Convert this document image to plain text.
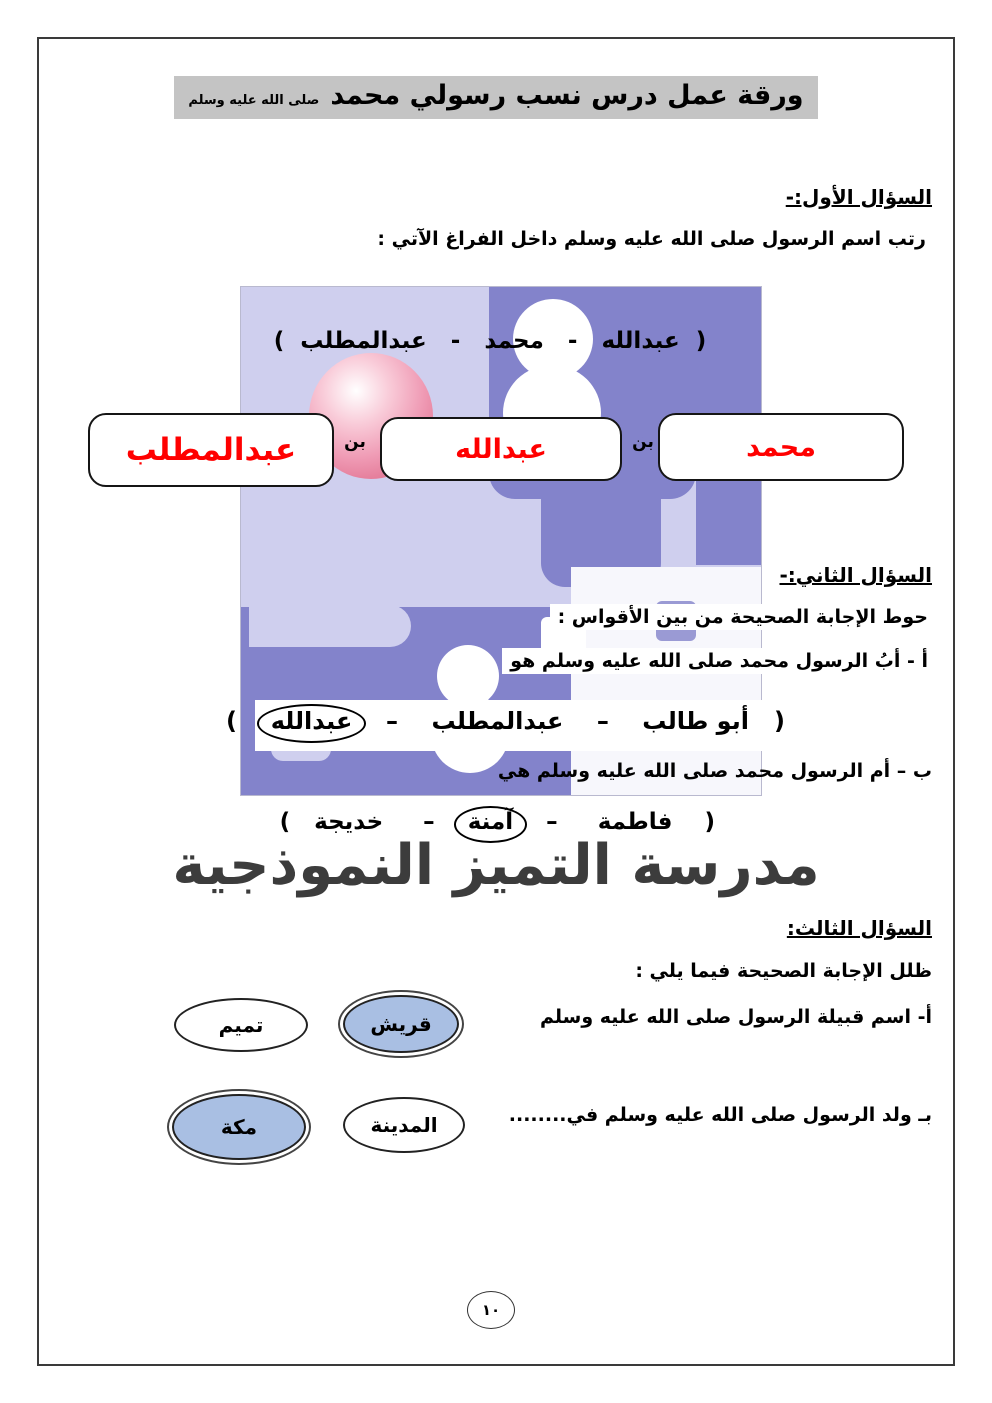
ورقة عمل درس نسب رسولي محمد صلى الله عليه وسلم
السؤال الأول:-
رتب اسم الرسول صلى الله عليه وسلم داخل الفراغ الآتي :
(  عبدالله   -   محمد   -   عبدالمطلب  )
محمد
بن
عبدالله
بن
عبدالمطلب
السؤال الثاني:-
حوط الإجابة الصحيحة من بين الأقواس :
أ - أبُ الرسول محمد صلى الله عليه وسلم هو
(   أبو طالب    –    عبدالمطلب    –  عبدالله  )
ب – أم الرسول محمد صلى الله عليه وسلم هي
(    فاطمة     –  آمنة  –     خديجة   )
مدرسة التميز النموذجية
السؤال الثالث:
ظلل الإجابة الصحيحة فيما يلي :
أ- اسم قبيلة الرسول صلى الله عليه وسلم
قريش
تميم
بـ ولد الرسول صلى الله عليه وسلم في........
المدينة
مكة
١٠
